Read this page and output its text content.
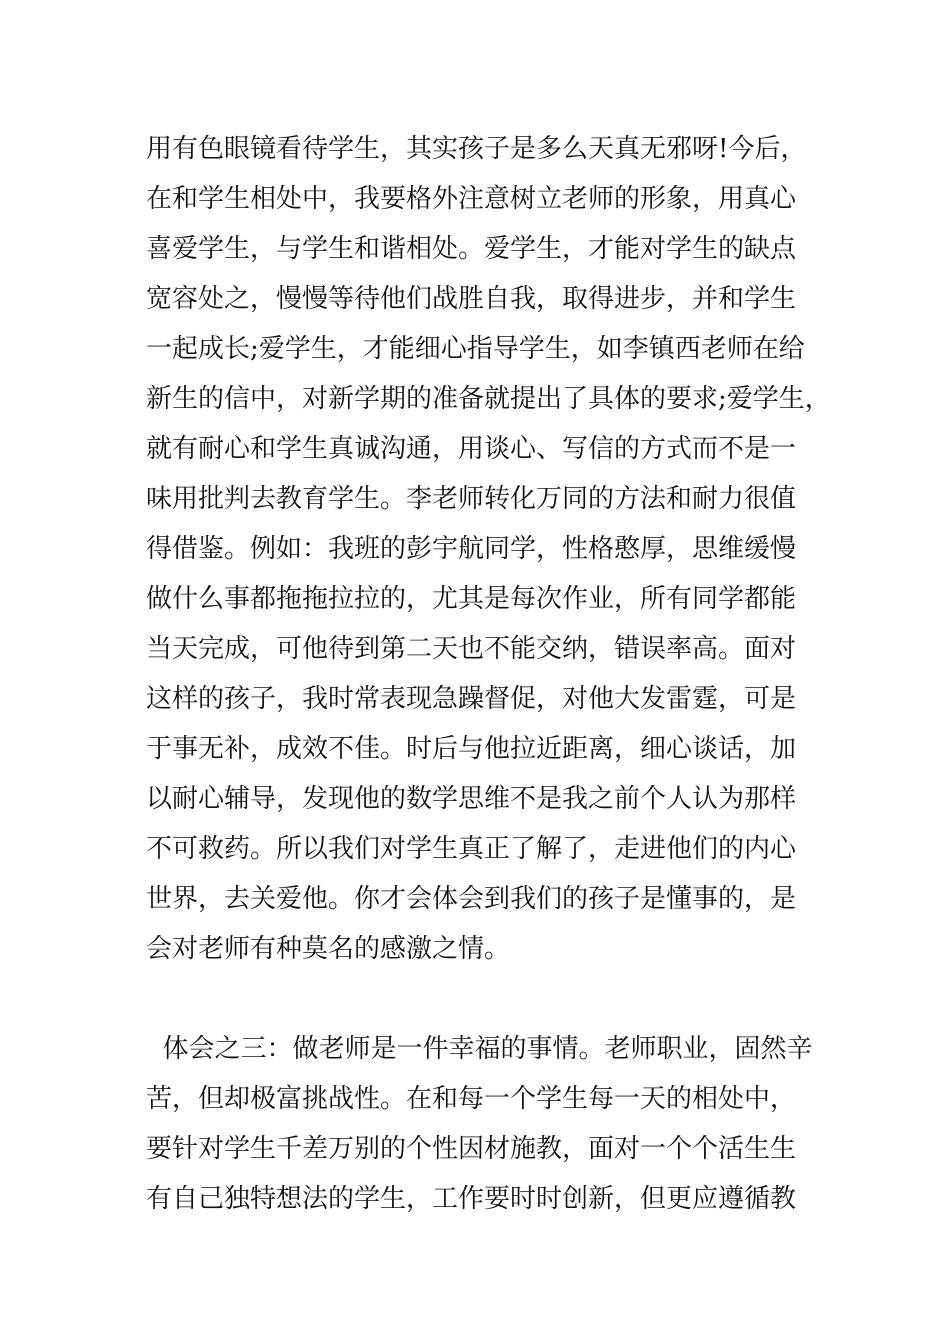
用有色眼镜看待学生，其实孩子是多么天真无邪呀!今后，
在和学生相处中，我要格外注意树立老师的形象，用真心
喜爱学生，与学生和谐相处。爱学生，才能对学生的缺点
宽容处之，慢慢等待他们战胜自我，取得进步，并和学生
一起成长;爱学生，才能细心指导学生，如李镇西老师在给
新生的信中，对新学期的准备就提出了具体的要求;爱学生，
就有耐心和学生真诚沟通，用谈心、写信的方式而不是一
味用批判去教育学生。李老师转化万同的方法和耐力很值
得借鉴。例如：我班的彭宇航同学，性格憨厚，思维缓慢
做什么事都拖拖拉拉的，尤其是每次作业，所有同学都能
当天完成，可他待到第二天也不能交纳，错误率高。面对
这样的孩子，我时常表现急躁督促，对他大发雷霆，可是
于事无补，成效不佳。时后与他拉近距离，细心谈话，加
以耐心辅导，发现他的数学思维不是我之前个人认为那样
不可救药。所以我们对学生真正了解了，走进他们的内心
世界，去关爱他。你才会体会到我们的孩子是懂事的，是
会对老师有种莫名的感激之情。
体会之三：做老师是一件幸福的事情。老师职业，固然辛
苦，但却极富挑战性。在和每一个学生每一天的相处中，
要针对学生千差万别的个性因材施教，面对一个个活生生
有自己独特想法的学生，工作要时时创新，但更应遵循教
